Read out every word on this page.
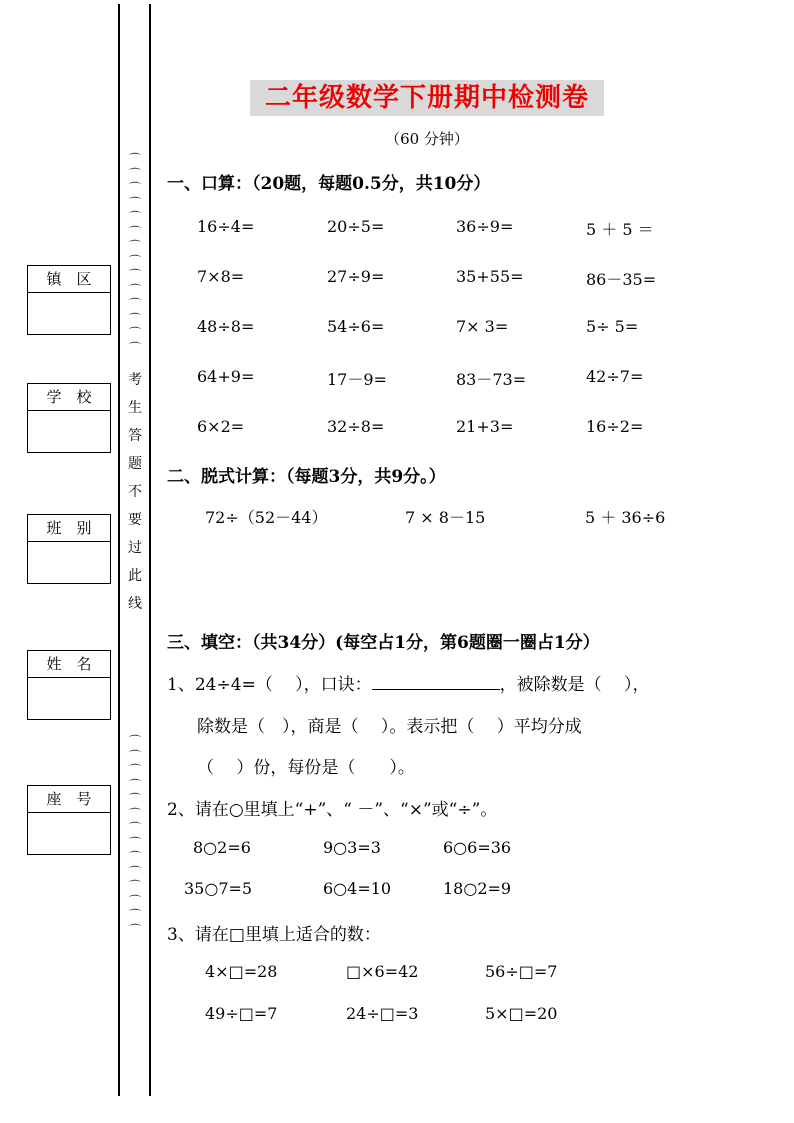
镇区
学校
班别
姓名
座号
⌒
⌒
⌒
⌒
⌒
⌒
⌒
⌒
⌒
⌒
⌒
⌒
⌒
⌒
考
生
答
题
不
要
过
此
线
⌒
⌒
⌒
⌒
⌒
⌒
⌒
⌒
⌒
⌒
⌒
⌒
⌒
⌒
二年级数学下册期中检测卷
（60 分钟）
一、口算：（20题，每题0.5分，共10分）
16÷4=	20÷5=	36÷9=	5 ＋ 5 ＝
7×8=	27÷9=	35+55=	86－35=
48÷8=	54÷6=	7× 3=	5÷ 5=
64+9=	17－9=	83－73=	42÷7=
6×2=	32÷8=	21+3=	16÷2=
二、脱式计算：（每题3分，共9分。）
72÷（52－44）	7 × 8－15	5 ＋ 36÷6
三、填空：（共34分）(每空占1分，第6题圈一圈占1分）
1、24÷4=（　 ），口诀：	，被除数是（　 ），
除数是（　），商是（　 ）。表示把（　 ）平均分成
（　 ）份，每份是（　　）。
2、请在○里填上“+”、“ －”、“×”或“÷”。
8○2=6	9○3=3	6○6=36
35○7=5	6○4=10	18○2=9
3、请在□里填上适合的数：
4×□=28	□×6=42	56÷□=7
49÷□=7	24÷□=3	5×□=20
